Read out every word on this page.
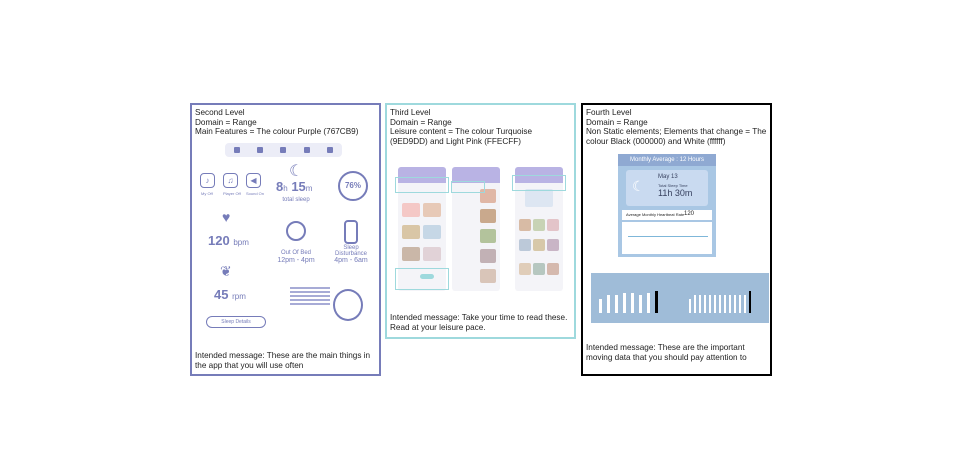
Second Level
Domain = Range
Main Features = The colour Purple (767CB9)
♪	♫	◀
My Off	Player Off Sound On
☾
8h 15m
total sleep
76%
♥
120 bpm
Out Of Bed
12pm - 4pm
Sleep Disturbance
4pm - 6am
❦
45 rpm
Sleep Details
Intended message: These are the main things in the app that you will use often
Third Level
Domain = Range
Leisure content = The colour Turquoise (9ED9DD) and Light Pink (FFECFF)
Intended message: Take your time to read these. Read at your leisure pace.
Fourth Level
Domain = Range
Non Static elements; Elements that change = The colour Black (000000) and White (ffffff)
Monthly Average : 12 Hours
☾
May 13
Total Sleep Time
11h 30m
Average Monthly Heartbeat Rate 120
Intended message: These are the important moving data that you should pay attention to
